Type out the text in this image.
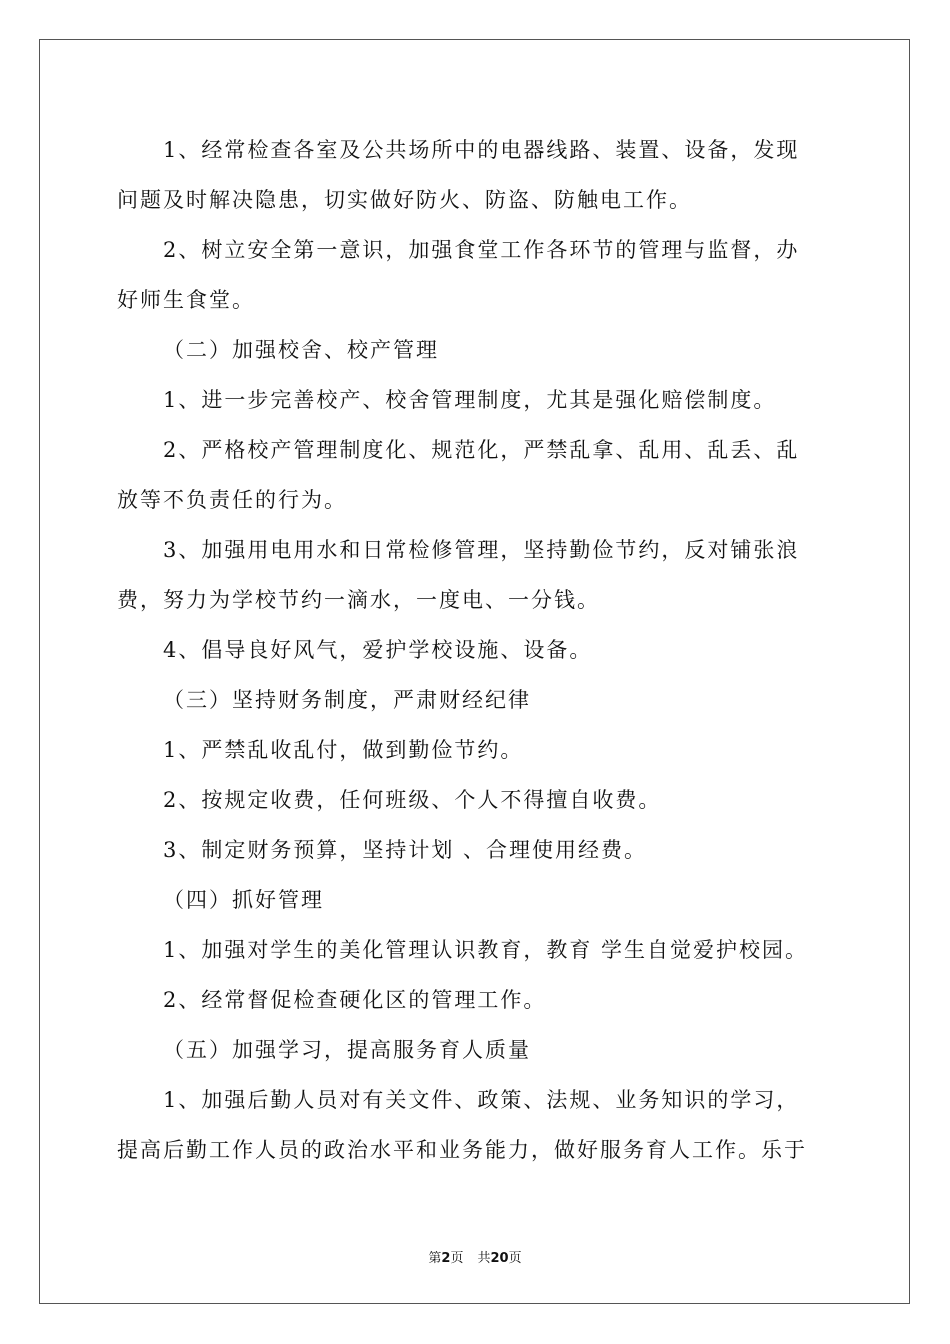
1、经常检查各室及公共场所中的电器线路、装置、设备，发现
问题及时解决隐患，切实做好防火、防盗、防触电工作。
2、树立安全第一意识，加强食堂工作各环节的管理与监督，办
好师生食堂。
（二）加强校舍、校产管理
1、进一步完善校产、校舍管理制度，尤其是强化赔偿制度。
2、严格校产管理制度化、规范化，严禁乱拿、乱用、乱丢、乱
放等不负责任的行为。
3、加强用电用水和日常检修管理，坚持勤俭节约，反对铺张浪
费，努力为学校节约一滴水，一度电、一分钱。
4、倡导良好风气，爱护学校设施、设备。
（三）坚持财务制度，严肃财经纪律
1、严禁乱收乱付，做到勤俭节约。
2、按规定收费，任何班级、个人不得擅自收费。
3、制定财务预算，坚持计划 、合理使用经费。
（四）抓好管理
1、加强对学生的美化管理认识教育，教育 学生自觉爱护校园。
2、经常督促检查硬化区的管理工作。
（五）加强学习，提高服务育人质量
1、加强后勤人员对有关文件、政策、法规、业务知识的学习，
提高后勤工作人员的政治水平和业务能力，做好服务育人工作。乐于
第2页 共20页
